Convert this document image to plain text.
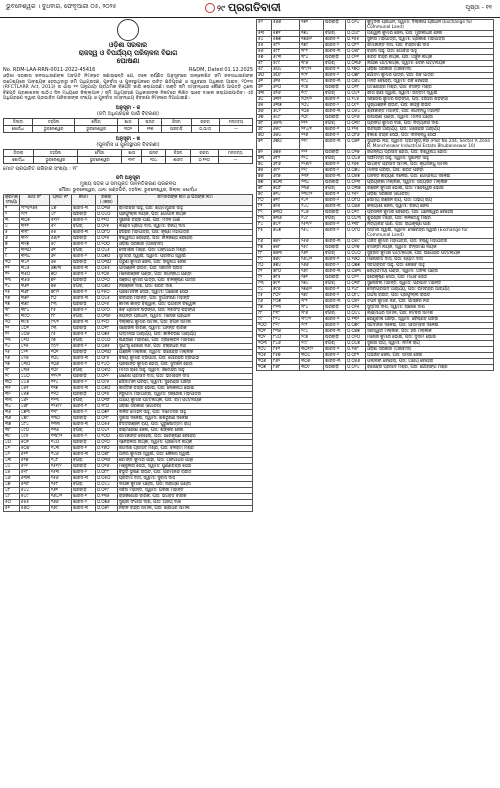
ଭୁବନେଶ୍ୱର । ବୁଧବାର, ଫେବୃଆରୀ ୦୫, ୨୦୨୫	୨୯ ପ୍ରଗତିବାଦୀ	ପୃଷ୍ଠା - ୧୧
ଓଡ଼ିଶା ସରକାର
ରାଜସ୍ୱ ଓ ବିପର୍ଯ୍ୟୟ ପରିଚାଳନା ବିଭାଗ
ଘୋଷଣା
No. RDM-LAA-RRN-0011-2022-45416	R&DM, Dated 01.12.2025
ଓଡ଼ିଶା ସରକାର ଜନସାଧାରଣଙ୍କ ଅବଗତି ନିମନ୍ତେ ଜଣାଉଛନ୍ତି ଯେ, ତଳେ ବର୍ଣ୍ଣିତ ଅନୁସୂଚୀରେ ଉଲ୍ଲେଖିତ ଜମି ଜନସାଧାରଣଙ୍କ ଉଦ୍ଦେଶ୍ୟରେ ଆବଶ୍ୟକ ହେଉଥିବାରୁ ଜମି ଅଧିଗ୍ରହଣ, ପୁନର୍ବାସ ଓ ପୁନଃସ୍ଥାପନରେ ଉଚିତ କ୍ଷତିପୂରଣ ଓ ସ୍ୱଚ୍ଛତା ଅଧିକାର ଆଇନ, ୨୦୧୩ (RFCTLARR Act, 2013) ର ଧାରା ୧୧ ଅନୁଯାୟୀ ପ୍ରାଥମିକ ବିଜ୍ଞପ୍ତି ଜାରି କରାଯାଉଛି। ଉକ୍ତ ଜମି ସମ୍ବନ୍ଧରେ କୌଣସି ଆପତ୍ତି ଥିଲେ ବିଜ୍ଞପ୍ତି ପ୍ରକାଶନର ଷାଠିଏ ଦିନ ମଧ୍ୟରେ ଜିଲ୍ଲାପାଳ / ଜମି ଅଧିଗ୍ରହଣ ଅଧିକାରୀଙ୍କ ନିକଟରେ ଲିଖିତ ଭାବେ ଦାଖଲ କରାଯାଇପାରିବ। ଏହି ଅଧିଗ୍ରହଣ ଦ୍ୱାରା ପ୍ରଭାବିତ ପରିବାରଙ୍କ ସଂଖ୍ୟା ଓ ପୁନର୍ବାସ ସମ୍ବନ୍ଧୀୟ ବିବରଣୀ ନିମ୍ନରେ ଦିଆଯାଇଛି।
ଅନୁସୂଚୀ - କ
(ଜମି ଅଧିଗ୍ରହଣ ପାଇଁ ବିବରଣୀ)
ଜିଲ୍ଲା	ତହସିଲ	ମୌଜା	ଖାତା	ପ୍ଲଟ	କିସମ	ରକବା	ମନ୍ତବ୍ୟ
ଖୋର୍ଦ୍ଧା	ଭୁବନେଶ୍ୱର	ଭୁବନେଶ୍ୱର	୩୦୧	୧୧୭	ଘରବାଡ଼ି	୦.୦୯୦	—
ଅନୁସୂଚୀ - ଖ
(ପୁନର୍ବାସ ଓ ପୁନଃସ୍ଥାପନ ବିବରଣୀ)
ଜିଲ୍ଲା	ତହସିଲ	ମୌଜା	ଖାତା	ପ୍ଲଟ	କିସମ	ରକବା	ମନ୍ତବ୍ୟ
ଖୋର୍ଦ୍ଧା	ଭୁବନେଶ୍ୱର	ଭୁବନେଶ୍ୱର	୩୨୮	୨୦୪	ଶାରଦ	୦.୧୨୦	—
ମୋଟ ପ୍ରଭାବିତ ପରିବାର ସଂଖ୍ୟା : ୧୮
ଜମି ଅନୁସୂଚୀ
ମୁଖ୍ୟ ସଡ଼କ ଓ ସମ୍ପୃକ୍ତ ଉନ୍ନତିକରଣ ପ୍ରକଳ୍ପ
ମୌଜା: ଭୁବନେଶ୍ୱର, ଥାନା: ଖଣ୍ଡଗିରି, ତହସିଲ: ଭୁବନେଶ୍ୱର, ଜିଲ୍ଲା: ଖୋର୍ଦ୍ଧା
କ୍ରମିକ ସଂଖ୍ୟା	ଖାତା ନଂ	ପ୍ଲଟ ନଂ	କିସମ	ରକବା (ଏକର)	ଜମିଦାରଙ୍କ ନାମ ଓ ପିତାଙ୍କ ନାମ
୧	୨୮୩/୧୬୫	୪୭	ଶାରଦ-୩	୦.୦୩୫	ରାମଚନ୍ଦ୍ର ସାହୁ, ପିତା: ଶ୍ୟାମସୁନ୍ଦର ସାହୁ
୨	୨୯୧	୪୮	ଘରବାଡ଼ି	୦.୦୪୦	ପ୍ରଫୁଲ୍ଲ ନାୟକ, ପିତା: ଗୋପାଳ ନାୟକ
୩	୩୦୫	୫୧/୨	ଶାରଦ-୨	୦.୧୧୦	ସୁରେଶ ଚନ୍ଦ୍ର ପାଣି, ପିତା: ମଦନ ପାଣି
୪	୩୧୧	୫୨	ବଗିଚା	୦.୦୨୫	ଲକ୍ଷ୍ମୀ ପ୍ରିୟା ଦାସ, ସ୍ୱାମୀ: ବିଜୟ ଦାସ
୫	୩୧୮	୫୫	ଶାରଦ-୩	୦.୦୮୦	ହରିହର ମହାପାତ୍ର, ପିତା: କୃଷ୍ଣ ମହାପାତ୍ର
୬	୩୨୨	୫୬/୧	ଘରବାଡ଼ି	୦.୦୧୫	ବିଶ୍ୱନାଥ ବେହେରା, ପିତା: ନୀଳକଣ୍ଠ ବେହେରା
୭	୩୨୭	୫୯	ଶାରଦ-୧	୦.୨୦୦	ଓଡ଼ିଶା ସରକାର (ଅନାବାଦୀ)
୮	୩୩୦	୬୧	ବଗିଚା	୦.୦୪୫	ଦେବାଶିଷ ମିଶ୍ର, ପିତା: ଗଙ୍ଗାଧର ମିଶ୍ର
୯	୩୩୪	୬୨	ଶାରଦ-୨	୦.୦୭୦	ସୁମିତ୍ରା ସ୍ୱାଇଁ, ସ୍ୱାମୀ: ପ୍ରଦୀପ ସ୍ୱାଇଁ
୧୦	୩୪୧	୬୫	ଘରବାଡ଼ି	୦.୦୩୦	ଅରୁଣ କୁମାର ଜେନା, ପିତା: ରଘୁନାଥ ଜେନା
୧୧	୩୪୫	୬୭/୩	ଶାରଦ-୩	୦.୦୫୫	ଗୀତାଞ୍ଜଳି ରାଉତ, ପିତା: ସନାତନ ରାଉତ
୧୨	୩୫୦	୭୦	ଶାରଦ-୨	୦.୧୦୫	ମନୋରଞ୍ଜନ ପଣ୍ଡା, ପିତା: ଜଗନ୍ନାଥ ପଣ୍ଡା
୧୩	୩୫୬	୭୨	ଘରବାଡ଼ି	୦.୦୨୦	ସଞ୍ଜୟ କୁମାର ପାତ୍ର, ପିତା: ବାଳକୃଷ୍ଣ ପାତ୍ର
୧୪	୩୬୧	୭୫	ବଗିଚା	୦.୦୬୦	ନିରଞ୍ଜନ ଦାଶ, ପିତା: ଶରତ ଦାଶ
୧୫	୩୬୮	୭୮/୨	ଶାରଦ-୧	୦.୧୫୦	ପ୍ରମୋଦିନୀ ସେଠୀ, ସ୍ୱାମୀ: ଅଶୋକ ସେଠୀ
୧୬	୩୭୨	୮୦	ଶାରଦ-୩	୦.୦୪୫	ରବୀନ୍ଦ୍ର ମହାନ୍ତି, ପିତା: ଦୁର୍ଗାଚରଣ ମହାନ୍ତି
୧୭	୩୭୯	୮୩	ଘରବାଡ଼ି	୦.୦୨୫	କମଳା କାନ୍ତ ବିଶ୍ୱାଳ, ପିତା: ଭଗବାନ ବିଶ୍ୱାଳ
୧୮	୩୮୪	୮୫	ଶାରଦ-୨	୦.୦୯୦	ଶିବ ପ୍ରସାଦ ଷଡ଼ଙ୍ଗୀ, ପିତା: ନରସିଂହ ଷଡ଼ଙ୍ଗୀ
୧୯	୩୯୦	୮୮	ବଗିଚା	୦.୦୩୫	ଜୟନ୍ତୀ ପ୍ରଧାନ, ସ୍ୱାମୀ: ମନୋଜ ପ୍ରଧାନ
୨୦	୩୯୫	୯୧/୧	ଶାରଦ-୩	୦.୧୨୦	ଦିଲ୍ଲୀପ କୁମାର ସାମଲ, ପିତା: ବିପିନ ସାମଲ
୨୧	୪୦୧	୯୩	ଘରବାଡ଼ି	୦.୦୧୮	ସରୋଜିନୀ ବାରିକ, ସ୍ୱାମୀ: ଅନନ୍ତ ବାରିକ
୨୨	୪୦୬	୯୫	ଶାରଦ-୧	୦.୦୭୫	ପଦ୍ମନାଭ ଆଚାର୍ଯ୍ୟ, ପିତା: କାଳିଚରଣ ଆଚାର୍ଯ୍ୟ
୨୩	୪୧୦	୯୭	ବଗିଚା	୦.୦୪୦	ଇନ୍ଦ୍ରାଣୀ ମହାରଣା, ପିତା: ତ୍ରିଲୋଚନ ମହାରଣା
୨୪	୪୧୫	୯୯/୨	ଶାରଦ-୨	୦.୦୬୫	ସୁଧାଂଶୁ ଶେଖର ନନ୍ଦ, ପିତା: ଚକ୍ରଧର ନନ୍ଦ
୨୫	୪୨୧	୧୦୧	ଘରବାଡ଼ି	୦.୦୩୦	ଅଞ୍ଜଳି ମଲ୍ଲିକ, ସ୍ୱାମୀ: ରାଜେନ୍ଦ୍ର ମଲ୍ଲିକ
୨୬	୪୨୬	୧୦୪	ଶାରଦ-୩	୦.୦୮୫	ବିଜୟ କୁମାର ତ୍ରିପାଠୀ, ପିତା: ଗୌରହରି ତ୍ରିପାଠୀ
୨୭	୪୩୦	୧୦୬	ଶାରଦ-୧	୦.୧୪୦	ପ୍ରଶାନ୍ତ କୁମାର ହୋତା, ପିତା: ସୁଦର୍ଶନ ହୋତା
୨୮	୪୩୫	୧୦୯	ବଗିଚା	୦.୦୫୦	ମମତା ରାଣୀ ସାହୁ, ସ୍ୱାମୀ: ଜିତେନ୍ଦ୍ର ସାହୁ
୨୯	୪୪୦	୧୧୨/୧	ଘରବାଡ଼ି	୦.୦୨୨	ଗଣେଶ ପ୍ରସାଦ ଦାସ, ପିତା: ଭୀମସେନ ଦାସ
୩୦	୪୪୬	୧୧୪	ଶାରଦ-୨	୦.୦୯୫	ସୌଦାମିନୀ ପରିଡ଼ା, ସ୍ୱାମୀ: ସୁରେନ୍ଦ୍ର ପରିଡ଼ା
୩୧	୪୫୧	୧୧୭	ଶାରଦ-୩	୦.୦୬୦	କାର୍ତ୍ତିକ ଚନ୍ଦ୍ର ଭୋଇ, ପିତା: ଲୋକନାଥ ଭୋଇ
୩୨	୪୫୭	୧୨୦	ଘରବାଡ଼ି	୦.୦୧୫	ନିରୁପମା ମହାପାତ୍ର, ସ୍ୱାମୀ: ସନ୍ତୋଷ ମହାପାତ୍ର
୩୩	୪୬୨	୧୨୩	ବଗିଚା	୦.୦୩୮	ଅକ୍ଷୟ କୁମାର ପଟ୍ଟନାୟକ, ପିତା: ରାମ ପଟ୍ଟନାୟକ
୩୪	୪୬୮	୧୨୫/୨	ଶାରଦ-୧	୦.୧୮୦	ଓଡ଼ିଶା ସରକାର (ଗୋଚର)
୩୫	୪୭୩	୧୨୮	ଶାରଦ-୨	୦.୦୭୨	ଲଳିତ ମୋହନ ସାହୁ, ପିତା: ଦାମୋଦର ସାହୁ
୩୬	୪୭୯	୧୩୦	ଘରବାଡ଼ି	୦.୦୨୮	ସୁଜାତା ଦଳେଇ, ସ୍ୱାମୀ: ଶଶିଭୂଷଣ ଦଳେଇ
୩୭	୪୮୪	୧୩୩	ଶାରଦ-୩	୦.୦୫୫	ଚିତ୍ତରଞ୍ଜନ ରାୟ, ପିତା: ପୁରୁଷୋତ୍ତମ ରାୟ
୩୮	୪୯୦	୧୩୫	ବଗିଚା	୦.୦୪୨	ରଶ୍ମିରେଖା ଜେନା, ପିତା: ଶଙ୍କର ଜେନା
୩୯	୪୯୫	୧୩୮/୧	ଶାରଦ-୨	୦.୧୦୦	ଉମାକାନ୍ତ ବେହେରା, ପିତା: ହରେକୃଷ୍ଣ ବେହେରା
୪୦	୫୦୧	୧୪୦	ଘରବାଡ଼ି	୦.୦୨୦	ସ୍ନେହଲତା ନାୟକ, ସ୍ୱାମୀ: ପ୍ରମୋଦ ନାୟକ
୪୧	୫୦୬	୧୪୩	ଶାରଦ-୧	୦.୧୬୦	ଜଗଦୀଶ ପ୍ରସାଦ ମିଶ୍ର, ପିତା: ବଳରାମ ମିଶ୍ର
୪୨	୫୧୧	୧୪୬	ଶାରଦ-୩	୦.୦୬୮	ଅନିତା କୁମାରୀ ସ୍ୱାଇଁ, ପିତା: କୈଳାସ ସ୍ୱାଇଁ
୪୩	୫୧୭	୧୪୮	ବଗିଚା	୦.୦୩୫	ହେମନ୍ତ କୁମାର ପାଢ଼ୀ, ପିତା: ଗଙ୍ଗାଧର ପାଢ଼ୀ
୪୪	୫୨୨	୧୫୧/୨	ଘରବାଡ଼ି	୦.୦୧୬	ମଞ୍ଜୁଲତା ସେଠୀ, ସ୍ୱାମୀ: ପୁର୍ଣ୍ଣଚନ୍ଦ୍ର ସେଠୀ
୪୫	୫୨୮	୧୫୩	ଶାରଦ-୨	୦.୦୮୮	ବିଭୂତି ଭୂଷଣ ରାଉତ, ପିତା: ପରମାନନ୍ଦ ରାଉତ
୪୬	୫୩୩	୧୫୬	ଶାରଦ-୩	୦.୦୫୦	ପ୍ରତିମା ଦାସ, ସ୍ୱାମୀ: ସୁବାସ ଦାସ
୪୭	୫୩୮	୧୫୮	ବଗିଚା	୦.୦୪୪	ଦୀପକ କୁମାର ପଣ୍ଡା, ପିତା: ନାରାୟଣ ପଣ୍ଡା
୪୮	୫୪୪	୧୬୧	ଘରବାଡ଼ି	୦.୦୧୯	ସବିତା ମହାନ୍ତି, ସ୍ୱାମୀ: ଗିରିଜା ମହାନ୍ତି
୪୯	୫୪୯	୧୬୪/୧	ଶାରଦ-୧	୦.୧୩୫	ରାଜକିଶୋର ବାରିକ, ପିତା: ଭଗବତ ବାରିକ
୫୦	୫୫୫	୧୬୬	ଶାରଦ-୨	୦.୦୭୬	ସୁଶ୍ରୀ ସଂଗୀତା ଦାଶ, ପିତା: ଅଜୟ ଦାଶ
୫୧	୫୬୦	୧୬୯	ଶାରଦ-୩	୦.୦୬୨	ନବୀନ ଚନ୍ଦ୍ର ସାମଲ, ପିତା: ଶ୍ରୀଧର ସାମଲ
୫୨	୫୬୬	୧୭୧	ଘରବାଡ଼ି	୦.୦୨୪	କୁମୁଦିନୀ ପ୍ରଧାନ, ସ୍ୱାମୀ: ଦିଲ୍ଲୀପ ପ୍ରଧାନ (Exchange for Communal Land)
୫୩	୫୭୧	୧୭୪	ବଗିଚା	୦.୦୪୮	ଅଶ୍ୱିନୀ କୁମାର ଜେନା, ପିତା: ମୁରଲୀଧର ଜେନା
୫୪	୫୭୭	୧୭୬/୨	ଶାରଦ-୧	୦.୧୫୫	ସୁନୀତା ମହାପାତ୍ର, ସ୍ୱାମୀ: ପ୍ରକାଶ ମହାପାତ୍ର
୫୫	୫୮୨	୧୭୯	ଶାରଦ-୨	୦.୦୮୨	ରମାକାନ୍ତ ଦାସ, ପିତା: ଚନ୍ଦ୍ରମଣି ଦାସ
୫୬	୫୮୮	୧୮୧	ଶାରଦ-୩	୦.୦୫୮	ବନ୍ଦନା ସାହୁ, ପିତା: ଗୋବିନ୍ଦ ସାହୁ
୫୭	୫୯୩	୧୮୪	ଘରବାଡ଼ି	୦.୦୨୧	ଶରତ ଚନ୍ଦ୍ର ନାୟକ, ପିତା: ଅର୍ଜୁନ ନାୟକ
୫୮	୫୯୯	୧୮୬	ବଗିଚା	୦.୦୩୬	ଲିପିକା ପଟ୍ଟନାୟକ, ସ୍ୱାମୀ: ଦେବୀ ପଟ୍ଟନାୟକ
୫୯	୬୦୪	୧୮୯/୧	ଶାରଦ-୧	୦.୧୭୦	ଓଡ଼ିଶା ସରକାର (ଅନାବାଦୀ)
୬୦	୬୦୯	୧୯୧	ଶାରଦ-୨	୦.୦୭୮	ଗୌତମ କୁମାର ପାତ୍ର, ପିତା: ଶିବ ପାତ୍ର
୬୧	୬୧୫	୧୯୪	ଶାରଦ-୩	୦.୦୬୪	ମିନତି ବେହେରା, ସ୍ୱାମୀ: ରବି ବେହେରା
୬୨	୬୨୦	୧୯୬	ଘରବାଡ଼ି	୦.୦୧୮	ଅମରେନ୍ଦ୍ର ମିଶ୍ର, ପିତା: ବସନ୍ତ ମିଶ୍ର
୬୩	୬୨୬	୧୯୯	ବଗିଚା	୦.୦୪୧	ରୀତା ରାଣୀ ସ୍ୱାଇଁ, ସ୍ୱାମୀ: ଉତ୍ତମ ସ୍ୱାଇଁ
୬୪	୬୩୧	୨୦୧/୨	ଶାରଦ-୧	୦.୧୪୫	ସନ୍ତୋଷ କୁମାର ଷଡ଼ଙ୍ଗୀ, ପିତା: ହରିହର ଷଡ଼ଙ୍ଗୀ
୬୫	୬୩୭	୨୦୪	ଶାରଦ-୨	୦.୦୯୨	ପୁଷ୍ପାଞ୍ଜଳି ରାଉତ, ପିତା: କାହ୍ନୁ ରାଉତ
୬୬	୬୪୨	୨୦୬	ଶାରଦ-୩	୦.୦୫୪	ଶ୍ରୀକାନ୍ତ ମହାନ୍ତି, ପିତା: ଜଗବନ୍ଧୁ ମହାନ୍ତି
୬୭	୬୪୮	୨୦୯	ଘରବାଡ଼ି	୦.୦୨୬	ଉଷାରାଣୀ ପଣ୍ଡା, ସ୍ୱାମୀ: ମାନସ ପଣ୍ଡା
୬୮	୬୫୩	୨୧୧	ବଗିଚା	୦.୦୩୯	ପ୍ରଦୀପ କୁମାର ଦାଶ, ପିତା: ନିତ୍ୟାନନ୍ଦ ଦାଶ
୬୯	୬୫୯	୨୧୪/୧	ଶାରଦ-୧	୦.୧୨୫	ଇତିଶ୍ରୀ ଆଚାର୍ଯ୍ୟ, ପିତା: ଗଜେନ୍ଦ୍ର ଆଚାର୍ଯ୍ୟ
୭୦	୬୬୪	୨୧୬	ଶାରଦ-୨	୦.୦୮୬	ବିକାଶ ଚନ୍ଦ୍ର ସେଠୀ, ପିତା: ଦୀନବନ୍ଧୁ ସେଠୀ
୭୧	୬୭୦	୨୧୯	ଶାରଦ-୩	୦.୦୬୧	ସୁପ୍ରଭା ନନ୍ଦ, ସ୍ୱାମୀ: ଅଭିମନ୍ୟୁ ନନ୍ଦ (Plot No 244, Sector A Zone B, Mancheswar Industrial Estate Bhubaneswar 10)
୭୨	୬୭୫	୨୨୧	ଘରବାଡ଼ି	୦.୦୧୭	ଜଗନ୍ନାଥ ପ୍ରସାଦ ହୋତା, ପିତା: ବିଶ୍ୱନାଥ ହୋତା
୭୩	୬୮୧	୨୨୪	ବଗିଚା	୦.୦୪୬	ସଙ୍ଘମିତ୍ରା ସାହୁ, ସ୍ୱାମୀ: ସୁଶାନ୍ତ ସାହୁ
୭୪	୬୮୬	୨୨୬/୨	ଶାରଦ-୧	୦.୧୬୫	ଭାଗବତ ପ୍ରସାଦ ସାମଲ, ପିତା: କୃପାସିନ୍ଧୁ ସାମଲ
୭୫	୬୯୨	୨୨୯	ଶାରଦ-୨	୦.୦୭୪	ମାନସୀ ପରିଡ଼ା, ପିତା: ଶରତ ପରିଡ଼ା
୭୬	୬୯୭	୨୩୧	ଶାରଦ-୩	୦.୦୫୭	ଅନନ୍ତ ନାରାୟଣ ଦଳେଇ, ପିତା: ଗୋପୀନାଥ ଦଳେଇ
୭୭	୭୦୩	୨୩୪	ଘରବାଡ଼ି	୦.୦୨୩	ପ୍ରିୟଙ୍କା ମଲ୍ଲିକ, ସ୍ୱାମୀ: ସତ୍ୟଜିତ ମଲ୍ଲିକ
୭୮	୭୦୮	୨୩୬	ବଗିଚା	୦.୦୩୭	ରଞ୍ଜନ କୁମାର ଭୋଇ, ପିତା: ମହେଶ୍ୱର ଭୋଇ
୭୯	୭୧୪	୨୩୯/୧	ଶାରଦ-୧	୦.୧୫୨	ଓଡ଼ିଶା ସରକାର (ଗୋଚର)
୮୦	୭୧୯	୨୪୧	ଶାରଦ-୨	୦.୦୮୦	ସୌମ୍ୟ ରଞ୍ଜନ ରାୟ, ପିତା: ଅଭୟ ରାୟ
୮୧	୭୨୫	୨୪୪	ଶାରଦ-୩	୦.୦୬୬	କଲ୍ୟାଣୀ ଜେନା, ସ୍ୱାମୀ: ବିଜୟ ଜେନା
୮୨	୭୩୦	୨୪୬	ଘରବାଡ଼ି	୦.୦୧୯	ପ୍ରସନ୍ନ କୁମାର ବେହେରା, ପିତା: ଧନେଶ୍ୱର ବେହେରା
୮୩	୭୩୬	୨୪୯	ବଗିଚା	୦.୦୪୩	ଶୁଭଶ୍ରୀ ମିଶ୍ର, ପିତା: ଲଳିତେନ୍ଦୁ ମିଶ୍ର
୮୪	୭୪୧	୨୫୧/୨	ଶାରଦ-୧	୦.୧୩୮	ନିତ୍ୟାନନ୍ଦ ପାଣି, ପିତା: ରାଧାକୃଷ୍ଣ ପାଣି
୮୫	୭୪୭	୨୫୪	ଶାରଦ-୨	୦.୦୯୦	ସସ୍ମିତା ସ୍ୱାଇଁ, ସ୍ୱାମୀ: ଦେବେନ୍ଦ୍ର ସ୍ୱାଇଁ (Exchange for Communal Land)
୮୬	୭୫୨	୨୫୬	ଶାରଦ-୩	୦.୦୫୯	ଅଜିତ କୁମାର ମହାପାତ୍ର, ପିତା: ବିଷ୍ଣୁ ମହାପାତ୍ର
୮୭	୭୫୮	୨୫୯	ଘରବାଡ଼ି	୦.୦୨୭	ବାସନ୍ତୀ ନାୟକ, ସ୍ୱାମୀ: ଚିନ୍ତାମଣି ନାୟକ
୮୮	୭୬୩	୨୬୧	ବଗିଚା	୦.୦୪୦	ସୁବ୍ରତ କୁମାର ପଟ୍ଟନାୟକ, ପିତା: ଉପେନ୍ଦ୍ର ପଟ୍ଟନାୟକ
୮୯	୭୬୯	୨୬୪/୧	ଶାରଦ-୧	୦.୧୬୦	ମନୋରମା ଦାସ, ପିତା: ଶ୍ୟାମ ଦାସ
୯୦	୭୭୪	୨୬୬	ଶାରଦ-୨	୦.୦୭୭	ସତ୍ୟବ୍ରତ ସାହୁ, ପିତା: କେଶବ ସାହୁ
୯୧	୭୮୦	୨୬୯	ଶାରଦ-୩	୦.୦୬୩	ଜ୍ୟୋତିର୍ମୟୀ ପଣ୍ଡା, ସ୍ୱାମୀ: ଅନିଲ ପଣ୍ଡା
୯୨	୭୮୫	୨୭୧	ଘରବାଡ଼ି	୦.୦୨୨	ହରେକୃଷ୍ଣ ସେଠୀ, ପିତା: ମାଧବ ସେଠୀ
୯୩	୭୯୧	୨୭୪	ବଗିଚା	୦.୦୩୮	ସୁଲୋଚନା ମହାନ୍ତି, ସ୍ୱାମୀ: ପ୍ରଭାତ ମହାନ୍ତି
୯୪	୭୯୬	୨୭୬/୨	ଶାରଦ-୧	୦.୧୪୮	ଦେବୀପ୍ରସାଦ ଆଚାର୍ଯ୍ୟ, ପିତା: ରାମଚନ୍ଦ୍ର ଆଚାର୍ଯ୍ୟ
୯୫	୮୦୨	୨୭୯	ଶାରଦ-୨	୦.୦୮୪	ଅର୍ଚ୍ଚନା ରାଉତ, ପିତା: ପ୍ରଫୁଲ୍ଲ ରାଉତ
୯୬	୮୦୭	୨୮୧	ଶାରଦ-୩	୦.୦୫୨	ତପନ କୁମାର ନନ୍ଦ, ପିତା: ଭାସ୍କର ନନ୍ଦ
୯୭	୮୧୩	୨୮୪	ଘରବାଡ଼ି	୦.୦୨୫	ସୁସ୍ମିତା ଦାଶ, ସ୍ୱାମୀ: ରାଜେଶ ଦାଶ
୯୮	୮୧୮	୨୮୬	ବଗିଚା	୦.୦୪୪	ଲକ୍ଷ୍ମୀଧର ସାମଲ, ପିତା: ନଟବର ସାମଲ
୯୯	୮୨୪	୨୮୯/୧	ଶାରଦ-୧	୦.୧୩୨	ରେଣୁବାଳା ପରିଡ଼ା, ସ୍ୱାମୀ: ବୈଷ୍ଣବ ପରିଡ଼ା
୧୦୦	୮୨୯	୨୯୧	ଶାରଦ-୨	୦.୦୭୯	ସଚ୍ଚିଦାନନ୍ଦ ଦଳେଇ, ପିତା: ପୀତାମ୍ବର ଦଳେଇ
୧୦୧	୮୩୫	୨୯୪	ଶାରଦ-୩	୦.୦୬୭	ସରସ୍ୱତୀ ମଲ୍ଲିକ, ପିତା: ହରି ମଲ୍ଲିକ
୧୦୨	୮୪୦	୨୯୬	ଘରବାଡ଼ି	୦.୦୨୦	ମନୋଜ କୁମାର ଭୋଇ, ପିତା: ସୁଦାମ ଭୋଇ
୧୦୩	୮୪୬	୨୯୯	ବଗିଚା	୦.୦୪୭	ସୁଜାତା ରାୟ, ସ୍ୱାମୀ: ନିର୍ମଳ ରାୟ
୧୦୪	୮୫୧	୩୦୧/୨	ଶାରଦ-୧	୦.୧୫୮	ଓଡ଼ିଶା ସରକାର (ଅନାବାଦୀ)
୧୦୫	୮୫୭	୩୦୪	ଶାରଦ-୨	୦.୦୮୧	ଅଭିଜିତ ଜେନା, ପିତା: ସମୀର ଜେନା
୧୦୬	୮୬୨	୩୦୬	ଶାରଦ-୩	୦.୦୫୬	ପଲ୍ଲବୀ ବେହେରା, ପିତା: ଅକ୍ଷୟ ବେହେରା
୧୦୭	୮୬୮	୩୦୯	ଘରବାଡ଼ି	୦.୦୨୪	ରାଜେନ୍ଦ୍ର ପ୍ରସାଦ ମିଶ୍ର, ପିତା: ଗୌରାଙ୍ଗ ମିଶ୍ର
